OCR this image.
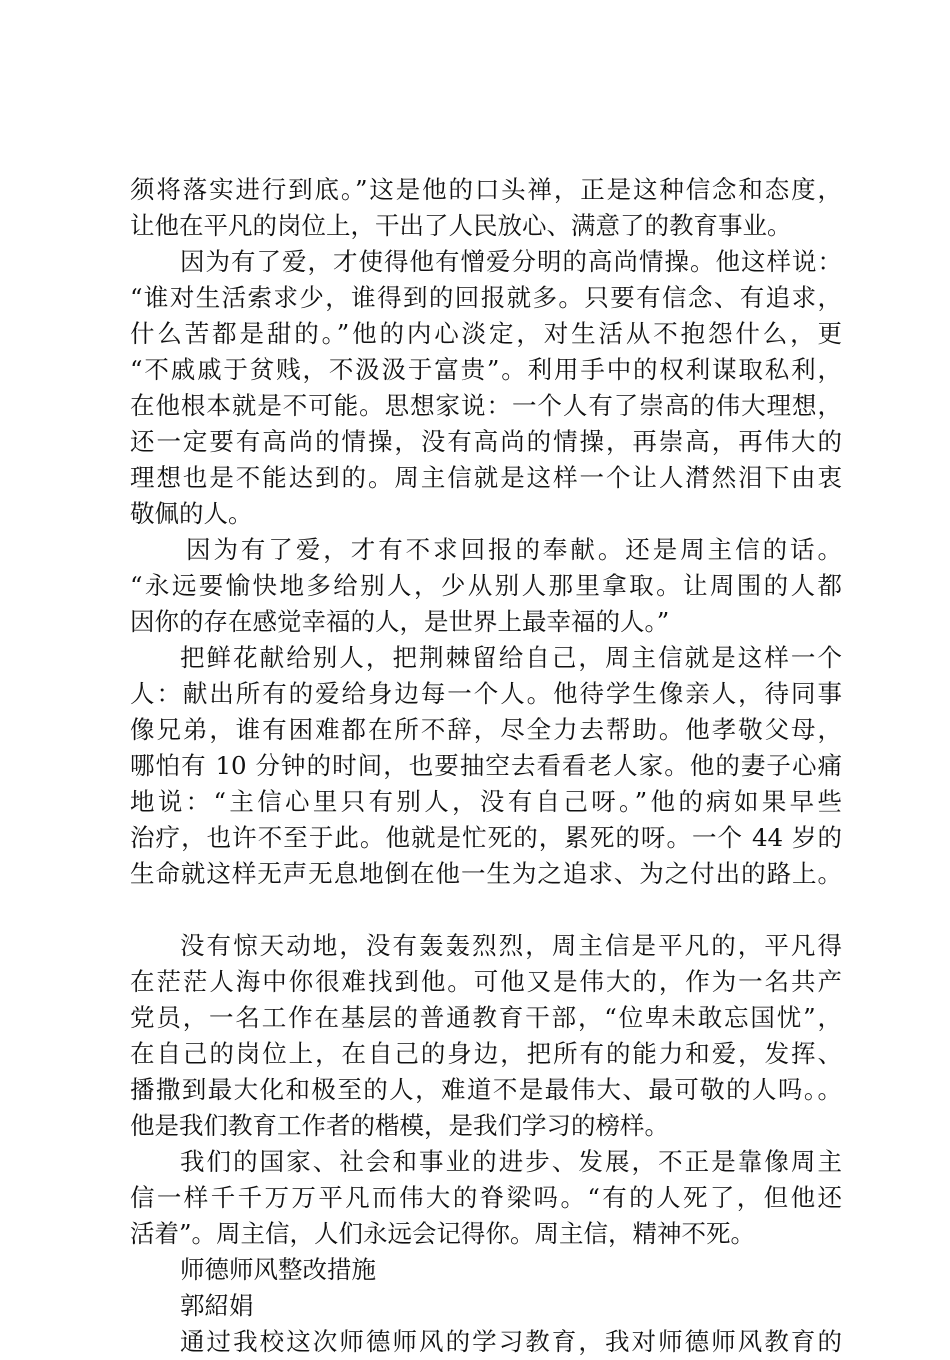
须将落实进行到底。”这是他的口头禅，正是这种信念和态度，
让他在平凡的岗位上，干出了人民放心、满意了的教育事业。
因为有了爱，才使得他有憎爱分明的高尚情操。他这样说：
“谁对生活索求少，谁得到的回报就多。只要有信念、有追求，
什么苦都是甜的。”他的内心淡定，对生活从不抱怨什么，更
“不戚戚于贫贱，不汲汲于富贵”。利用手中的权利谋取私利，
在他根本就是不可能。思想家说：一个人有了崇高的伟大理想，
还一定要有高尚的情操，没有高尚的情操，再崇高，再伟大的
理想也是不能达到的。周主信就是这样一个让人潸然泪下由衷
敬佩的人。
因为有了爱，才有不求回报的奉献。还是周主信的话。
“永远要愉快地多给别人，少从别人那里拿取。让周围的人都
因你的存在感觉幸福的人，是世界上最幸福的人。”
把鲜花献给别人，把荆棘留给自己，周主信就是这样一个
人：献出所有的爱给身边每一个人。他待学生像亲人，待同事
像兄弟，谁有困难都在所不辞，尽全力去帮助。他孝敬父母，
哪怕有 10 分钟的时间，也要抽空去看看老人家。他的妻子心痛
地说：“主信心里只有别人，没有自己呀。”他的病如果早些
治疗，也许不至于此。他就是忙死的，累死的呀。一个 44 岁的
生命就这样无声无息地倒在他一生为之追求、为之付出的路上。
没有惊天动地，没有轰轰烈烈，周主信是平凡的，平凡得
在茫茫人海中你很难找到他。可他又是伟大的，作为一名共产
党员，一名工作在基层的普通教育干部，“位卑未敢忘国忧”，
在自己的岗位上，在自己的身边，把所有的能力和爱，发挥、
播撒到最大化和极至的人，难道不是最伟大、最可敬的人吗。。
他是我们教育工作者的楷模，是我们学习的榜样。
我们的国家、社会和事业的进步、发展，不正是靠像周主
信一样千千万万平凡而伟大的脊梁吗。“有的人死了，但他还
活着”。周主信，人们永远会记得你。周主信，精神不死。
师德师风整改措施
郭紹娟
通过我校这次师德师风的学习教育，我对师德师风教育的
